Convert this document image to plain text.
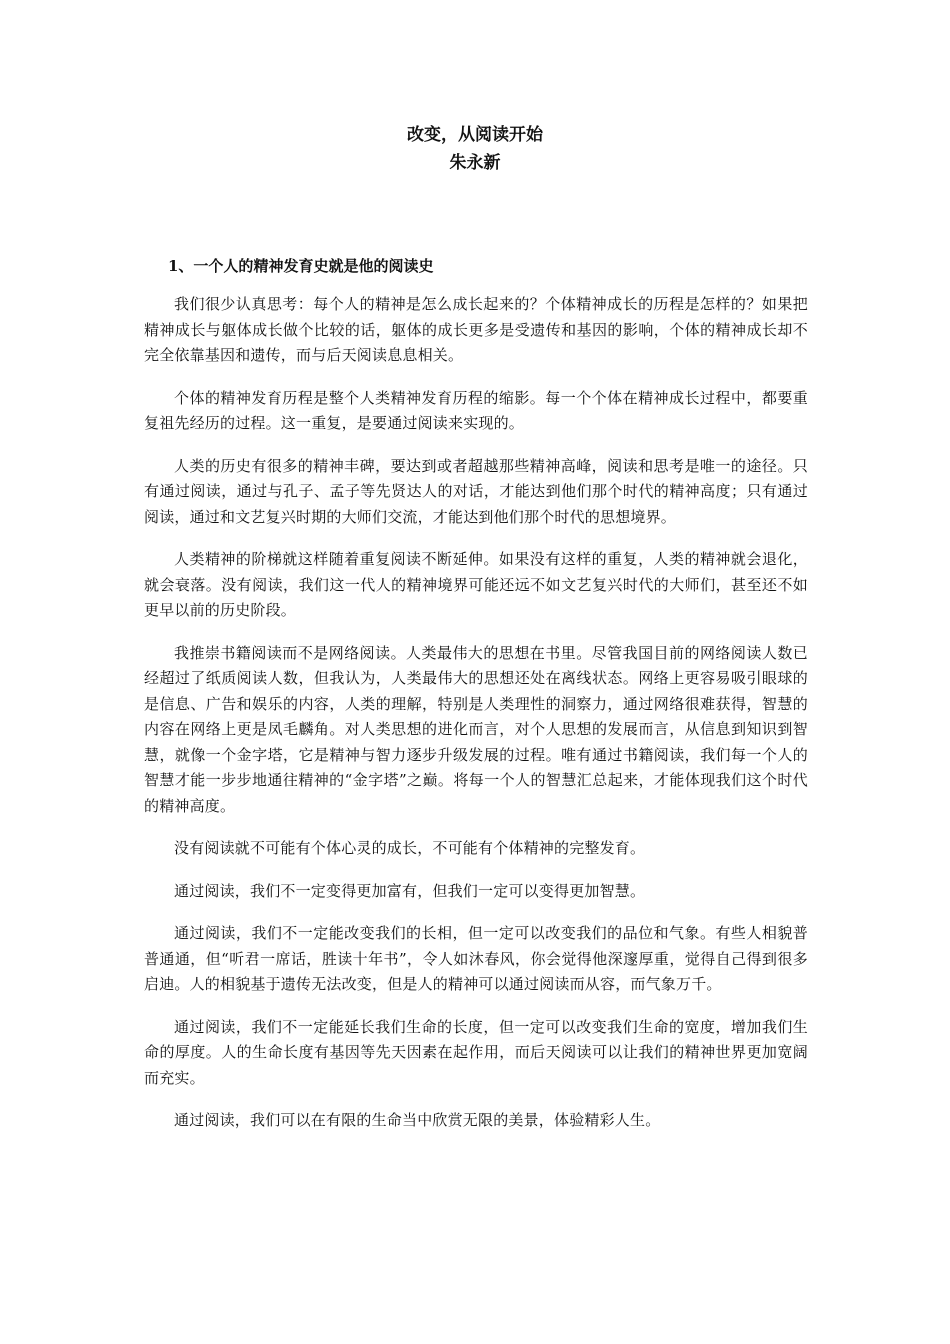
改变，从阅读开始
朱永新
1、一个人的精神发育史就是他的阅读史

我们很少认真思考：每个人的精神是怎么成长起来的？个体精神成长的历程是怎样的？如果把精神成长与躯体成长做个比较的话，躯体的成长更多是受遗传和基因的影响，个体的精神成长却不完全依靠基因和遗传，而与后天阅读息息相关。

个体的精神发育历程是整个人类精神发育历程的缩影。每一个个体在精神成长过程中，都要重复祖先经历的过程。这一重复，是要通过阅读来实现的。

人类的历史有很多的精神丰碑，要达到或者超越那些精神高峰，阅读和思考是唯一的途径。只有通过阅读，通过与孔子、孟子等先贤达人的对话，才能达到他们那个时代的精神高度；只有通过阅读，通过和文艺复兴时期的大师们交流，才能达到他们那个时代的思想境界。

人类精神的阶梯就这样随着重复阅读不断延伸。如果没有这样的重复，人类的精神就会退化，就会衰落。没有阅读，我们这一代人的精神境界可能还远不如文艺复兴时代的大师们，甚至还不如更早以前的历史阶段。

我推崇书籍阅读而不是网络阅读。人类最伟大的思想在书里。尽管我国目前的网络阅读人数已经超过了纸质阅读人数，但我认为，人类最伟大的思想还处在离线状态。网络上更容易吸引眼球的是信息、广告和娱乐的内容，人类的理解，特别是人类理性的洞察力，通过网络很难获得，智慧的内容在网络上更是凤毛麟角。对人类思想的进化而言，对个人思想的发展而言，从信息到知识到智慧，就像一个金字塔，它是精神与智力逐步升级发展的过程。唯有通过书籍阅读，我们每一个人的智慧才能一步步地通往精神的“金字塔”之巅。将每一个人的智慧汇总起来，才能体现我们这个时代的精神高度。

没有阅读就不可能有个体心灵的成长，不可能有个体精神的完整发育。

通过阅读，我们不一定变得更加富有，但我们一定可以变得更加智慧。

通过阅读，我们不一定能改变我们的长相，但一定可以改变我们的品位和气象。有些人相貌普普通通，但“听君一席话，胜读十年书”，令人如沐春风，你会觉得他深邃厚重，觉得自己得到很多启迪。人的相貌基于遗传无法改变，但是人的精神可以通过阅读而从容，而气象万千。

通过阅读，我们不一定能延长我们生命的长度，但一定可以改变我们生命的宽度，增加我们生命的厚度。人的生命长度有基因等先天因素在起作用，而后天阅读可以让我们的精神世界更加宽阔而充实。

通过阅读，我们可以在有限的生命当中欣赏无限的美景，体验精彩人生。
